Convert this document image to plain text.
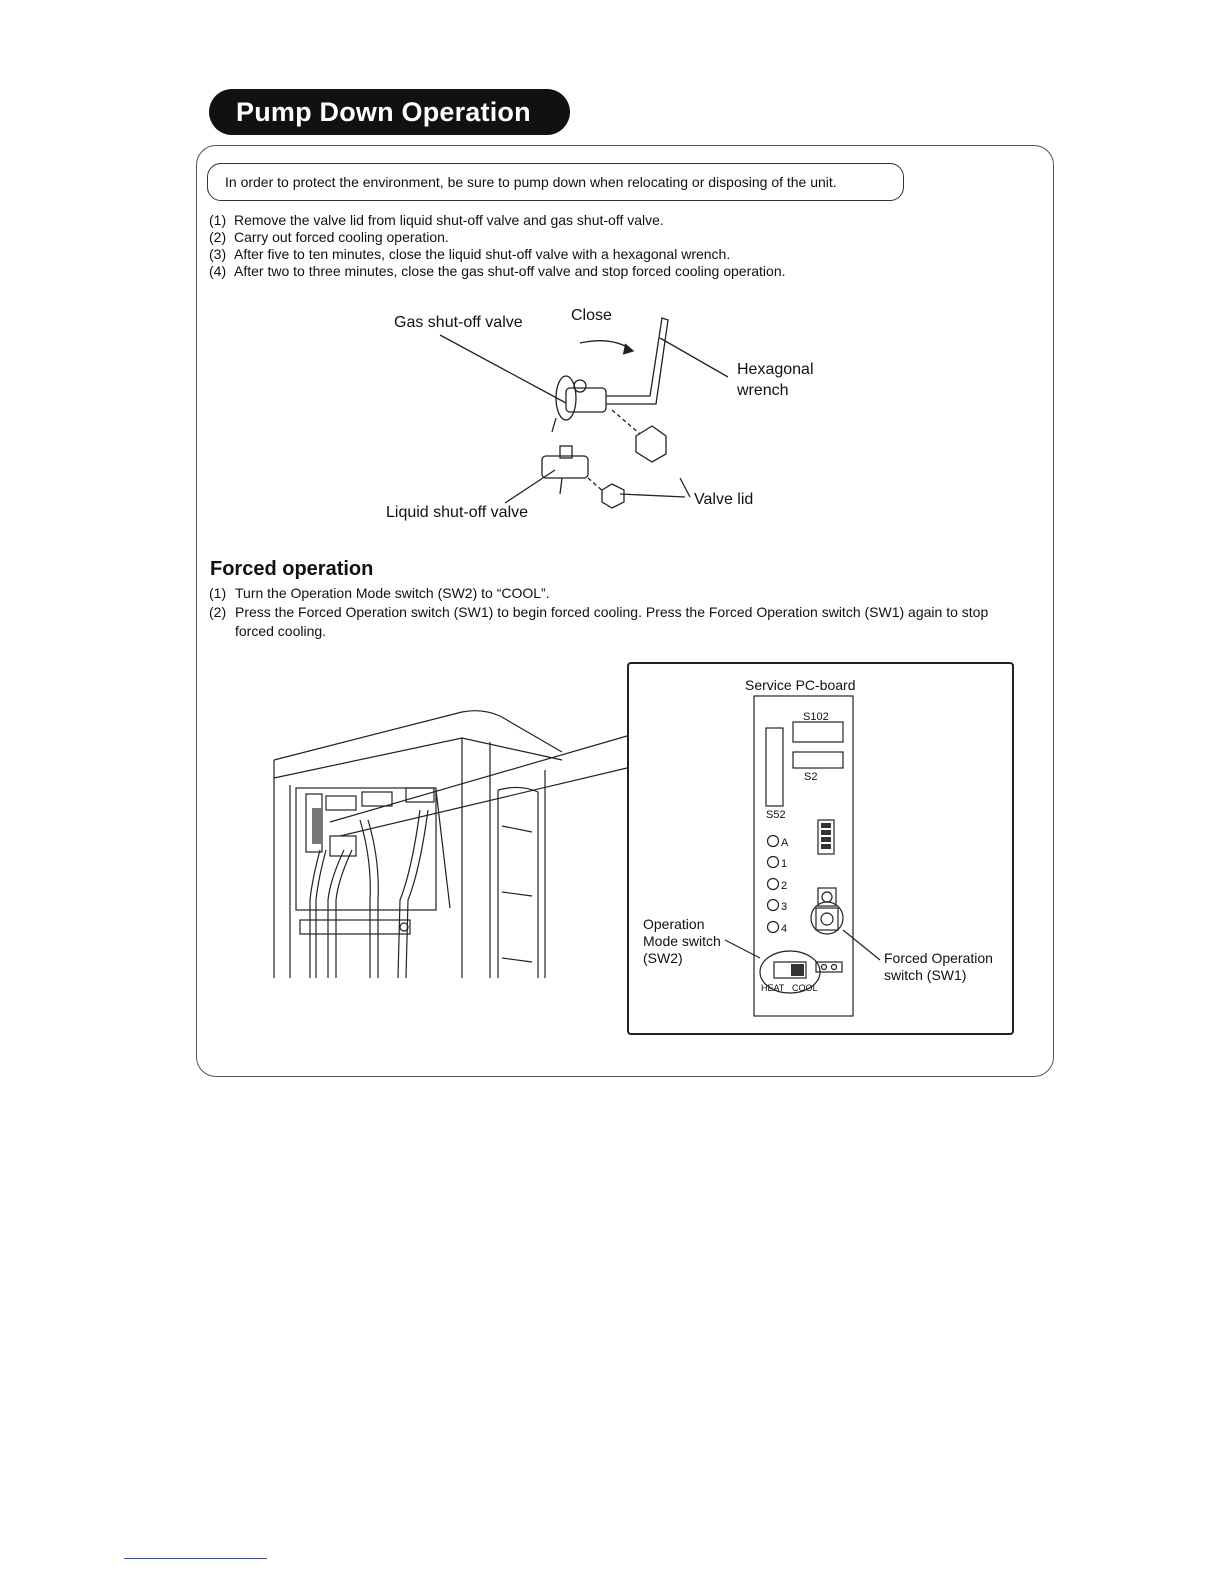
Pump Down Operation
In order to protect the environment, be sure to pump down when relocating or disposing of the unit.
(1) Remove the valve lid from liquid shut-off valve and gas shut-off valve.
(2) Carry out forced cooling operation.
(3) After five to ten minutes, close the liquid shut-off valve with a hexagonal wrench.
(4) After two to three minutes, close the gas shut-off valve and stop forced cooling operation.
Gas shut-off valve	Close
Hexagonal
wrench
Valve lid
Liquid shut-off valve
Forced operation
(1) Turn the Operation Mode switch (SW2) to “COOL”.
(2) Press the Forced Operation switch (SW1) to begin forced cooling. Press the Forced Operation switch (SW1) again to stop forced cooling.
Service PC-board
S102
S2
S52
A
1
2
3
4
Operation
Mode switch
(SW2)
HEAT COOL
Forced Operation
switch (SW1)
